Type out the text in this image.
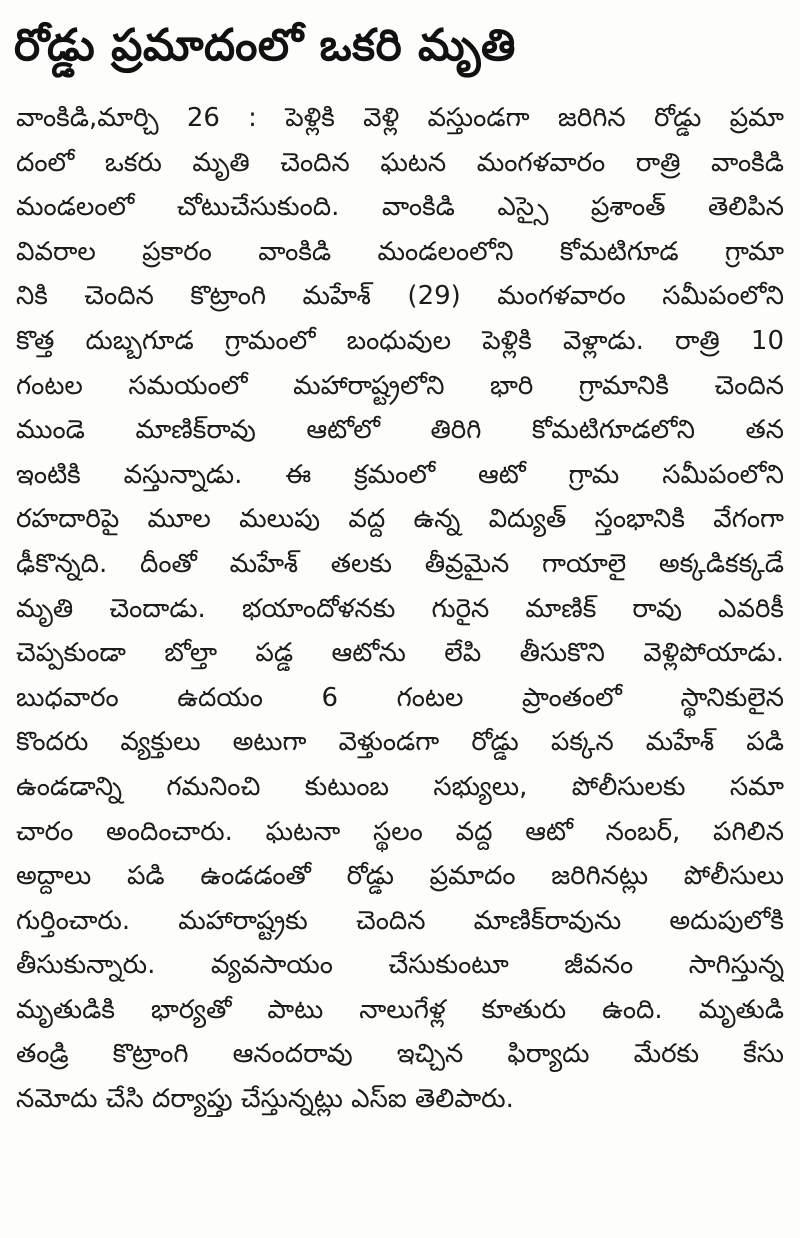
రోడ్డు ప్రమాదంలో ఒకరి మృతి
వాంకిడి,మార్చి 26 : పెళ్లికి వెళ్లి వస్తుండగా జరిగిన రోడ్డు ప్రమా
దంలో ఒకరు మృతి చెందిన ఘటన మంగళవారం రాత్రి వాంకిడి
మండలంలో చోటుచేసుకుంది. వాంకిడి ఎస్సై ప్రశాంత్ తెలిపిన
వివరాల ప్రకారం వాంకిడి మండలంలోని కోమటిగూడ గ్రామా
నికి చెందిన కొట్రాంగి మహేశ్ (29) మంగళవారం సమీపంలోని
కొత్త దుబ్బగూడ గ్రామంలో బంధువుల పెళ్లికి వెళ్లాడు. రాత్రి 10
గంటల సమయంలో మహారాష్ట్రలోని భారి గ్రామానికి చెందిన
ముండె మాణిక్‌రావు ఆటోలో తిరిగి కోమటిగూడలోని తన
ఇంటికి వస్తున్నాడు. ఈ క్రమంలో ఆటో గ్రామ సమీపంలోని
రహదారిపై మూల మలుపు వద్ద ఉన్న విద్యుత్ స్తంభానికి వేగంగా
ఢీకొన్నది. దీంతో మహేశ్ తలకు తీవ్రమైన గాయాలై అక్కడికక్కడే
మృతి చెందాడు. భయాందోళనకు గురైన మాణిక్ రావు ఎవరికీ
చెప్పకుండా బోల్తా పడ్డ ఆటోను లేపి తీసుకొని వెళ్లిపోయాడు.
బుధవారం ఉదయం 6 గంటల ప్రాంతంలో స్థానికులైన
కొందరు వ్యక్తులు అటుగా వెళ్తుండగా రోడ్డు పక్కన మహేశ్ పడి
ఉండడాన్ని గమనించి కుటుంబ సభ్యులు, పోలీసులకు సమా
చారం అందించారు. ఘటనా స్థలం వద్ద ఆటో నంబర్, పగిలిన
అద్దాలు పడి ఉండడంతో రోడ్డు ప్రమాదం జరిగినట్లు పోలీసులు
గుర్తించారు. మహారాష్ట్రకు చెందిన మాణిక్‌రావును అదుపులోకి
తీసుకున్నారు. వ్యవసాయం చేసుకుంటూ జీవనం సాగిస్తున్న
మృతుడికి భార్యతో పాటు నాలుగేళ్ల కూతురు ఉంది. మృతుడి
తండ్రి కొట్రాంగి ఆనందరావు ఇచ్చిన ఫిర్యాదు మేరకు కేసు
నమోదు చేసి దర్యాప్తు చేస్తున్నట్లు ఎస్ఐ తెలిపారు.
